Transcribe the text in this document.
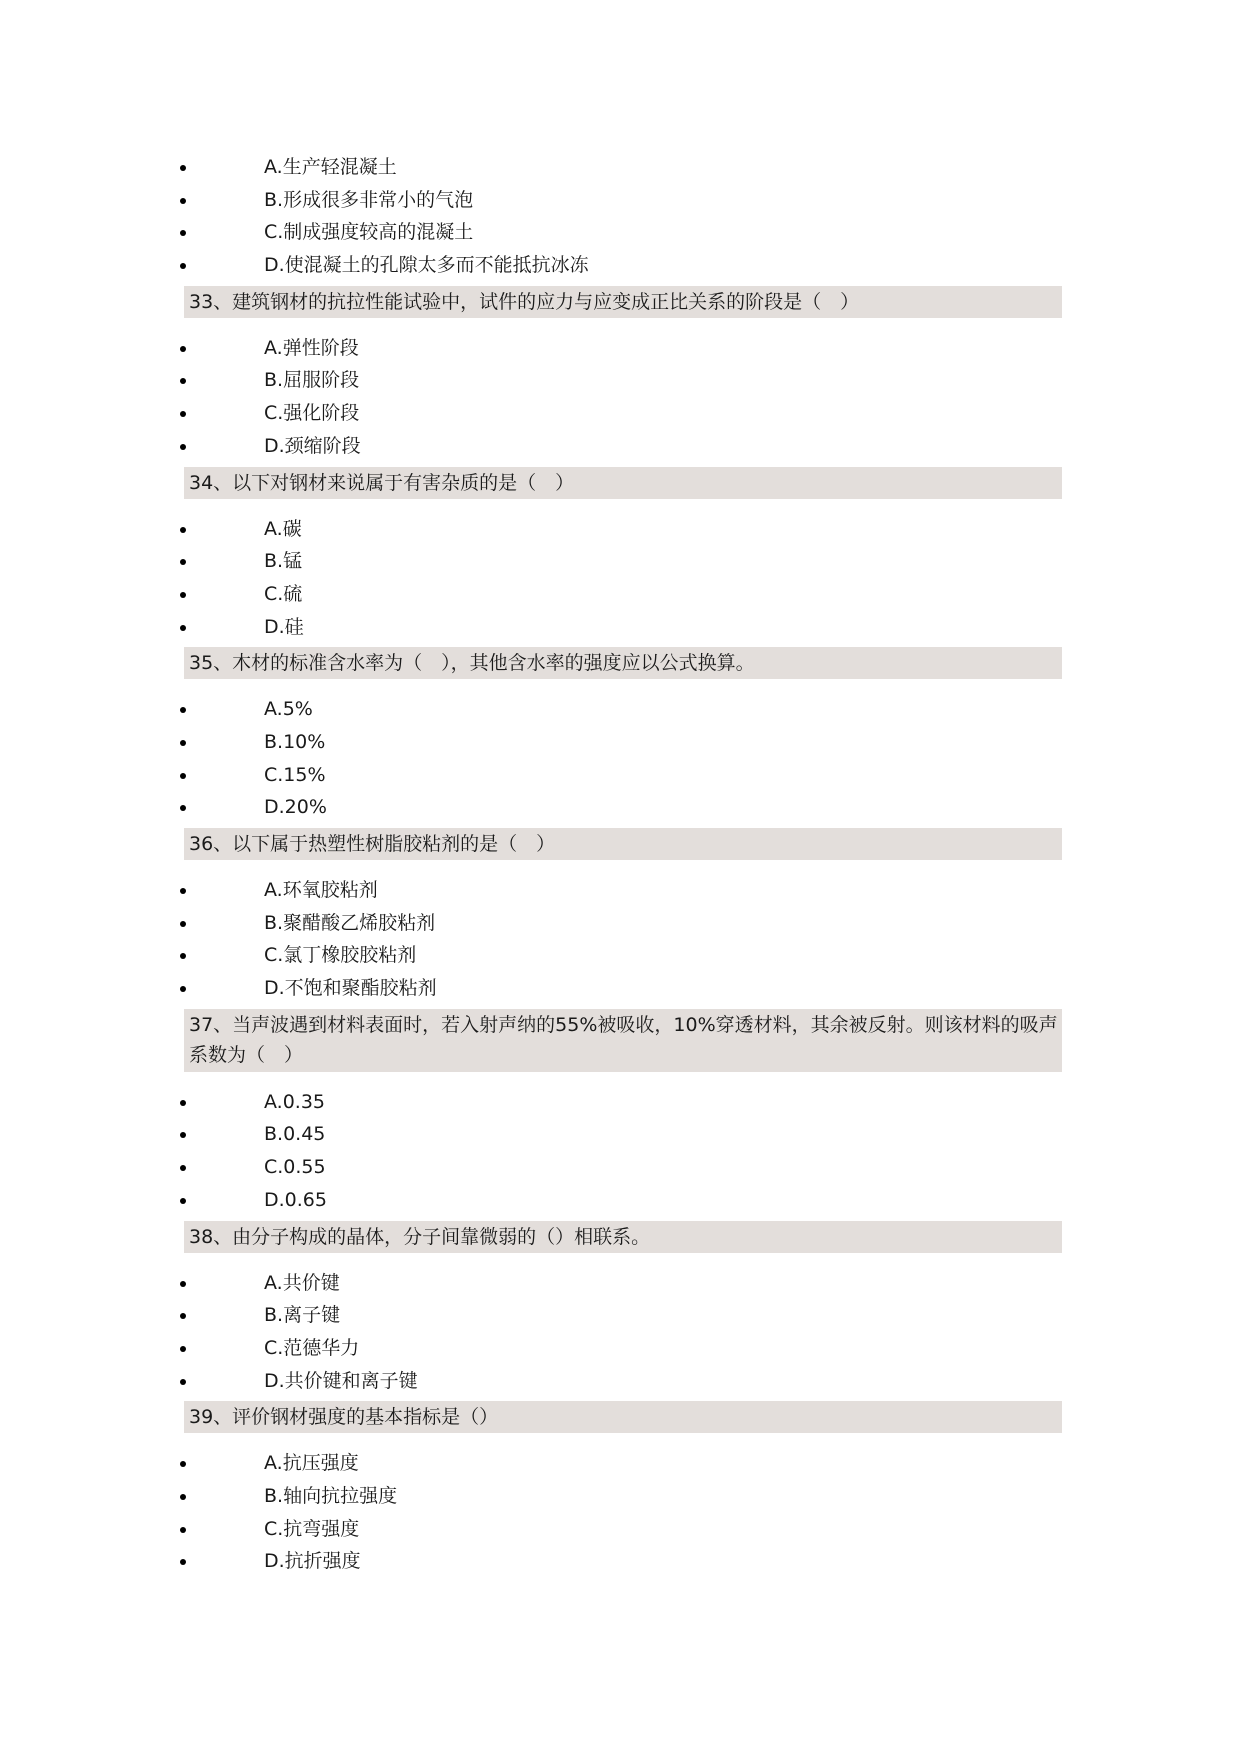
A.生产轻混凝土
B.形成很多非常小的气泡
C.制成强度较高的混凝土
D.使混凝土的孔隙太多而不能抵抗冰冻
33、建筑钢材的抗拉性能试验中，试件的应力与应变成正比关系的阶段是（　）
A.弹性阶段
B.屈服阶段
C.强化阶段
D.颈缩阶段
34、以下对钢材来说属于有害杂质的是（　）
A.碳
B.锰
C.硫
D.硅
35、木材的标准含水率为（　），其他含水率的强度应以公式换算。
A.5%
B.10%
C.15%
D.20%
36、以下属于热塑性树脂胶粘剂的是（　）
A.环氧胶粘剂
B.聚醋酸乙烯胶粘剂
C.氯丁橡胶胶粘剂
D.不饱和聚酯胶粘剂
37、当声波遇到材料表面时，若入射声纳的55%被吸收，10%穿透材料，其余被反射。则该材料的吸声系数为（　）
A.0.35
B.0.45
C.0.55
D.0.65
38、由分子构成的晶体，分子间靠微弱的（）相联系。
A.共价键
B.离子键
C.范德华力
D.共价键和离子键
39、评价钢材强度的基本指标是（）
A.抗压强度
B.轴向抗拉强度
C.抗弯强度
D.抗折强度
